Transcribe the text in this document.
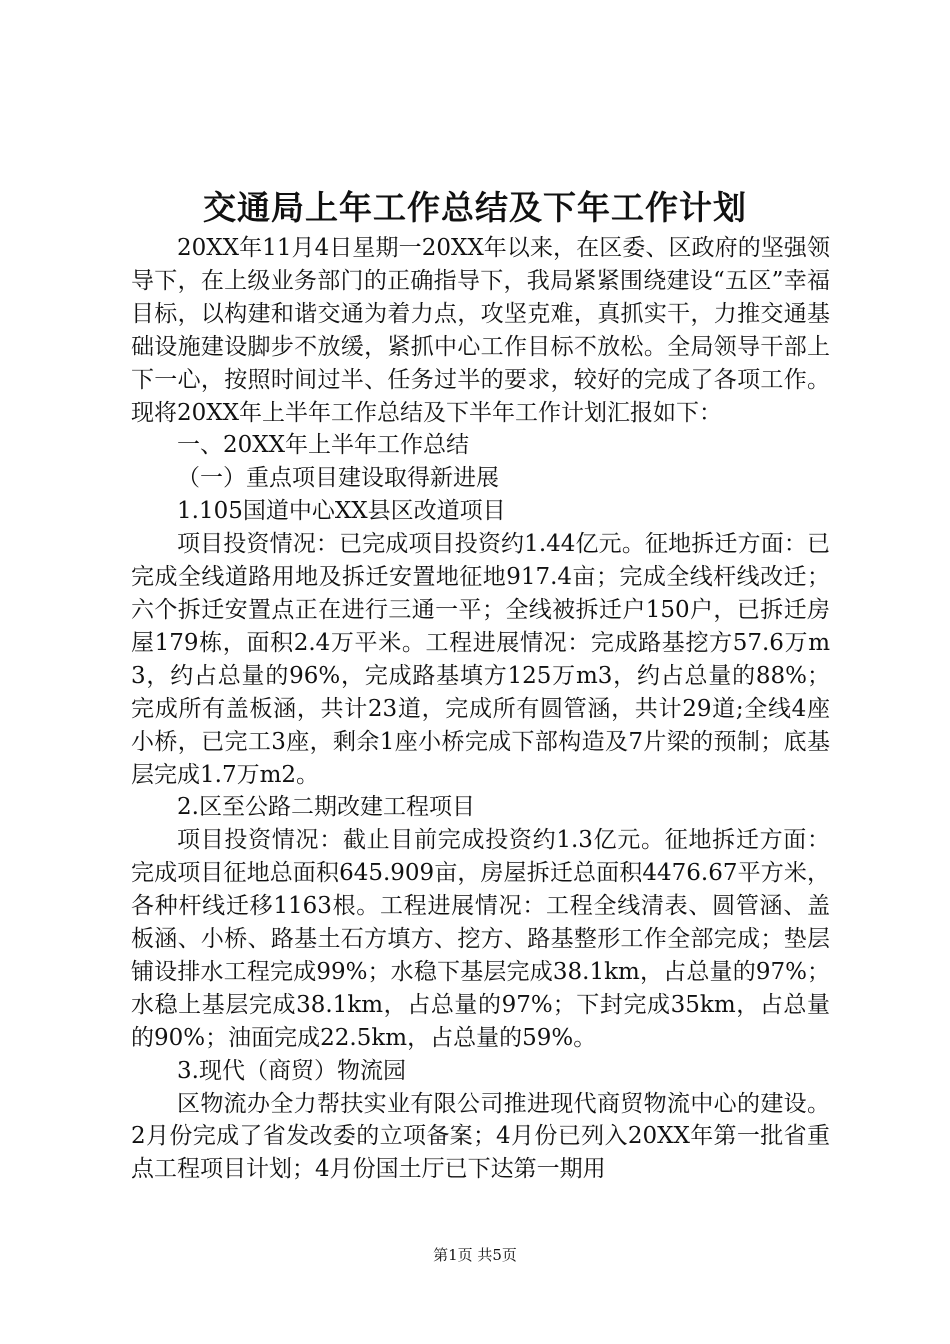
交通局上年工作总结及下年工作计划

20XX年11月4日星期一20XX年以来，在区委、区政府的坚强领导下，在上级业务部门的正确指导下，我局紧紧围绕建设“五区”幸福目标，以构建和谐交通为着力点，攻坚克难，真抓实干，力推交通基础设施建设脚步不放缓，紧抓中心工作目标不放松。全局领导干部上下一心，按照时间过半、任务过半的要求，较好的完成了各项工作。现将20XX年上半年工作总结及下半年工作计划汇报如下：

一、20XX年上半年工作总结

（一）重点项目建设取得新进展

1.105国道中心XX县区改道项目

项目投资情况：已完成项目投资约1.44亿元。征地拆迁方面：已完成全线道路用地及拆迁安置地征地917.4亩；完成全线杆线改迁；六个拆迁安置点正在进行三通一平；全线被拆迁户150户，已拆迁房屋179栋，面积2.4万平米。工程进展情况：完成路基挖方57.6万m3，约占总量的96%，完成路基填方125万m3，约占总量的88%；完成所有盖板涵，共计23道，完成所有圆管涵，共计29道;全线4座小桥，已完工3座，剩余1座小桥完成下部构造及7片梁的预制；底基层完成1.7万m2。

2.区至公路二期改建工程项目

项目投资情况：截止目前完成投资约1.3亿元。征地拆迁方面：完成项目征地总面积645.909亩，房屋拆迁总面积4476.67平方米，各种杆线迁移1163根。工程进展情况：工程全线清表、圆管涵、盖板涵、小桥、路基土石方填方、挖方、路基整形工作全部完成；垫层铺设排水工程完成99%；水稳下基层完成38.1km，占总量的97%；水稳上基层完成38.1km，占总量的97%；下封完成35km，占总量的90%；油面完成22.5km，占总量的59%。

3.现代（商贸）物流园

区物流办全力帮扶实业有限公司推进现代商贸物流中心的建设。2月份完成了省发改委的立项备案；4月份已列入20XX年第一批省重点工程项目计划；4月份国土厅已下达第一期用

第1页 共5页
